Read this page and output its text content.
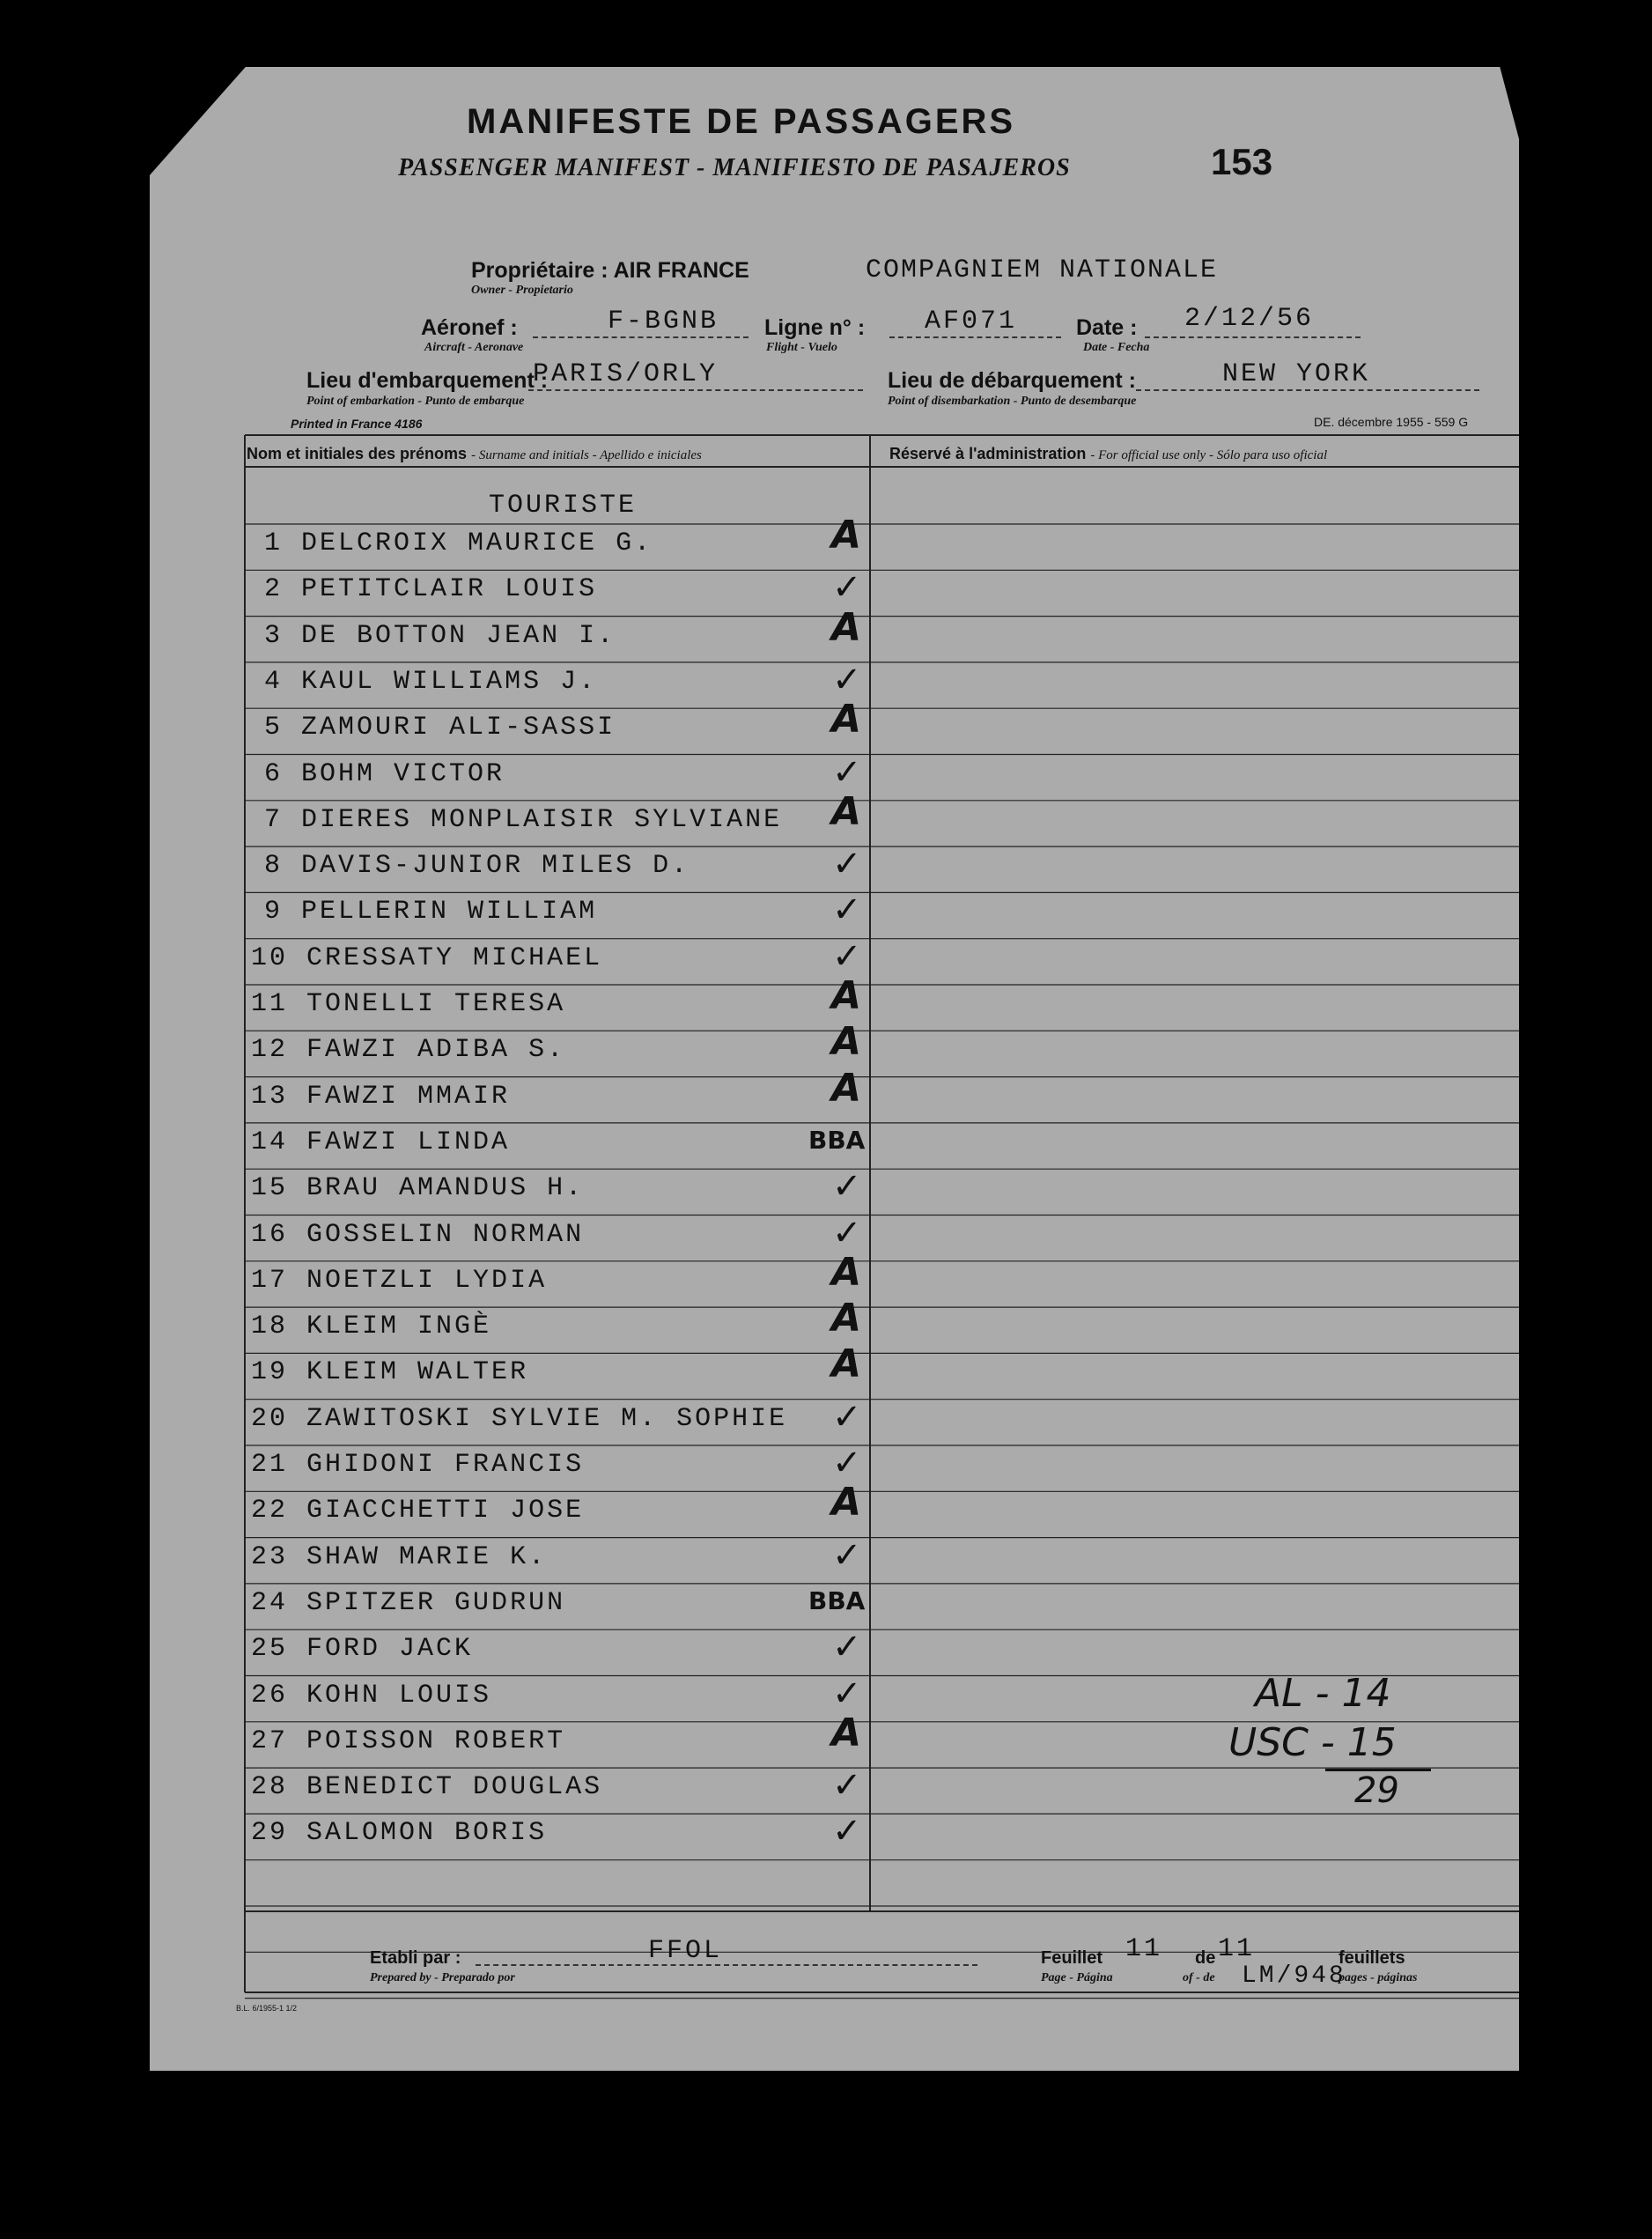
MANIFESTE DE PASSAGERS
PASSENGER MANIFEST - MANIFIESTO DE PASAJEROS	153
Propriétaire : AIR FRANCE
Owner - Propietario
COMPAGNIEM NATIONALE
Aéronef :
Aircraft - Aeronave
F-BGNB Ligne n° :
Flight - Vuelo
AF071	Date :
Date - Fecha
2/12/56
Lieu d'embarquement :
Point of embarkation - Punto de embarque
PARIS/ORLY	Lieu de débarquement :
Point of disembarkation - Punto de desembarque
NEW YORK
Printed in France 4186	DE. décembre 1955 - 559 G
Nom et initiales des prénoms - Surname and initials - Apellido e iniciales	Réservé à l'administration - For official use only - Sólo para uso oficial
TOURISTE
1 DELCROIX MAURICE G.	A
2 PETITCLAIR LOUIS	✓
3 DE BOTTON JEAN I.	A
4 KAUL WILLIAMS J.	✓
5 ZAMOURI ALI-SASSI	A
6 BOHM VICTOR	✓
7 DIERES MONPLAISIR SYLVIANE A
8 DAVIS-JUNIOR MILES D.	✓
9 PELLERIN WILLIAM	✓
10 CRESSATY MICHAEL	✓
11 TONELLI TERESA	A
12 FAWZI ADIBA S.	A
13 FAWZI MMAIR	A
14 FAWZI LINDA	BBA
15 BRAU AMANDUS H.	✓
16 GOSSELIN NORMAN	✓
17 NOETZLI LYDIA	A
18 KLEIM INGÈ	A
19 KLEIM WALTER	A
20 ZAWITOSKI SYLVIE M. SOPHIE ✓
21 GHIDONI FRANCIS	✓
22 GIACCHETTI JOSE	A
23 SHAW MARIE K.	✓
24 SPITZER GUDRUN	BBA
25 FORD JACK	✓
26 KOHN LOUIS	✓
27 POISSON ROBERT	A
28 BENEDICT DOUGLAS	✓
29 SALOMON BORIS	✓
AL - 14
USC - 15
29
Etabli par :
Prepared by - Preparado por
FFOL	Feuillet
Page - Página
11 de
of - de
11	feuillets
pages - páginas
LM/948
B.L. 6/1955-1 1/2
